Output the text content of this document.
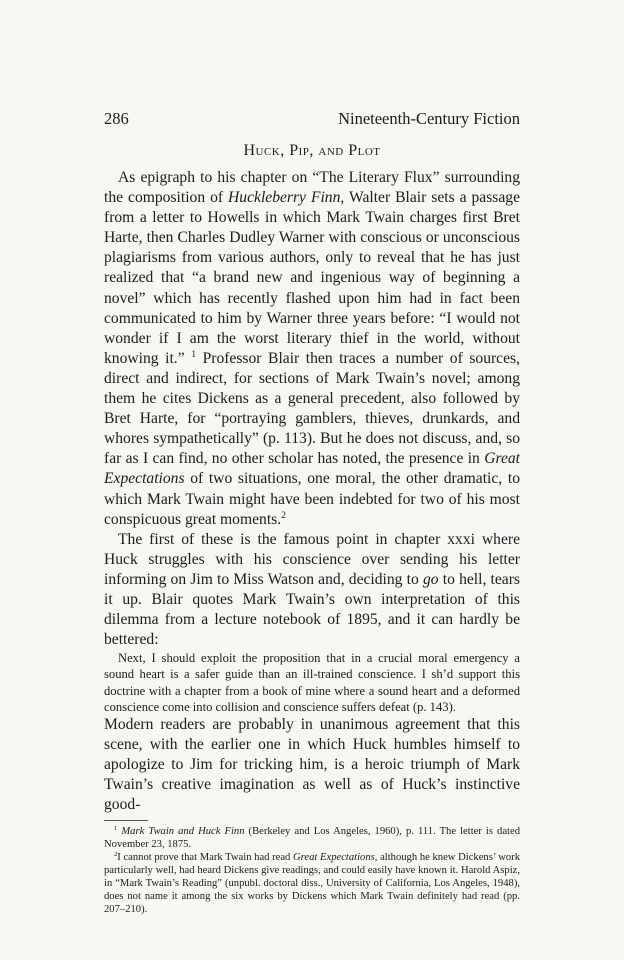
286	Nineteenth-Century Fiction
Huck, Pip, and Plot

As epigraph to his chapter on “The Literary Flux” surrounding the composition of Huckleberry Finn, Walter Blair sets a passage from a letter to Howells in which Mark Twain charges first Bret Harte, then Charles Dudley Warner with conscious or unconscious plagiarisms from various authors, only to reveal that he has just realized that “a brand new and ingenious way of beginning a novel” which has recently flashed upon him had in fact been communicated to him by Warner three years before: “I would not wonder if I am the worst literary thief in the world, without knowing it.” $^1$ Professor Blair then traces a number of sources, direct and indirect, for sections of Mark Twain’s novel; among them he cites Dickens as a general precedent, also followed by Bret Harte, for “portraying gamblers, thieves, drunkards, and whores sympathetically” (p. 113). But he does not discuss, and, so far as I can find, no other scholar has noted, the presence in Great Expectations of two situations, one moral, the other dramatic, to which Mark Twain might have been indebted for two of his most conspicuous great moments.$^2$

The first of these is the famous point in chapter xxxi where Huck struggles with his conscience over sending his letter informing on Jim to Miss Watson and, deciding to go to hell, tears it up. Blair quotes Mark Twain’s own interpretation of this dilemma from a lecture notebook of 1895, and it can hardly be bettered:

Next, I should exploit the proposition that in a crucial moral emergency a sound heart is a safer guide than an ill-trained conscience. I sh’d support this doctrine with a chapter from a book of mine where a sound heart and a deformed conscience come into collision and conscience suffers defeat (p. 143).

Modern readers are probably in unanimous agreement that this scene, with the earlier one in which Huck humbles himself to apologize to Jim for tricking him, is a heroic triumph of Mark Twain’s creative imagination as well as of Huck’s instinctive good-

$^1$ Mark Twain and Huck Finn (Berkeley and Los Angeles, 1960), p. 111. The letter is dated November 23, 1875.

$^2$I cannot prove that Mark Twain had read Great Expectations, although he knew Dickens’ work particularly well, had heard Dickens give readings, and could easily have known it. Harold Aspiz, in “Mark Twain’s Reading” (unpubl. doctoral diss., University of California, Los Angeles, 1948), does not name it among the six works by Dickens which Mark Twain definitely had read (pp. 207–210).
